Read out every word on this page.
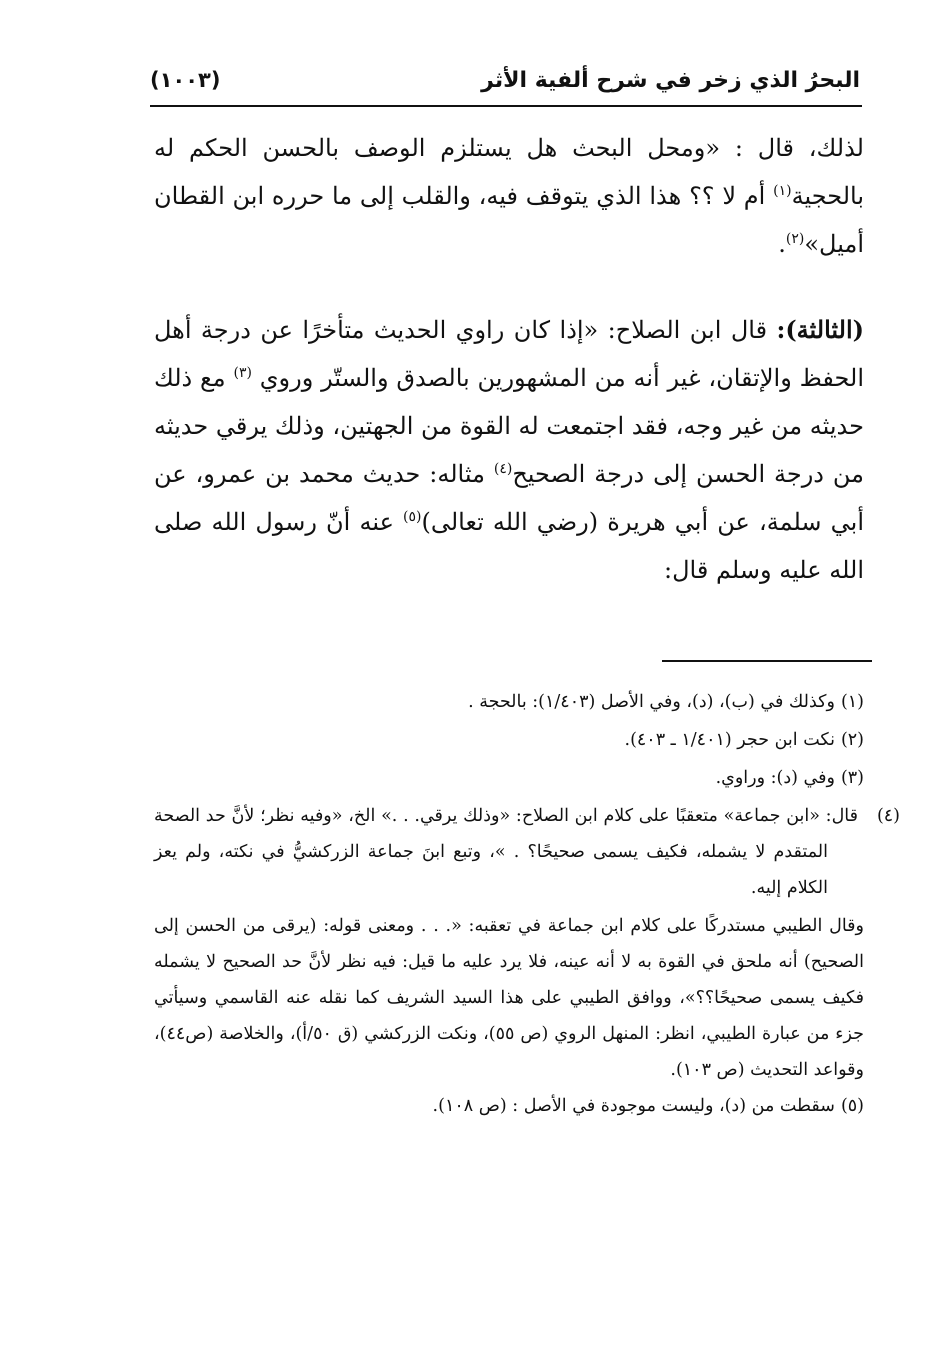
البحرُ الذي زخر في شرح ألفية الأثر
(١٠٠٣)

لذلك، قال : «ومحل البحث هل يستلزم الوصف بالحسن الحكم له بالحجية$^{(١)}$ أم لا ؟؟ هذا الذي يتوقف فيه، والقلب إلى ما حرره ابن القطان أميل»$^{(٢)}$.

(الثالثة): قال ابن الصلاح: «إذا كان راوي الحديث متأخرًا عن درجة أهل الحفظ والإتقان، غير أنه من المشهورين بالصدق والستّر وروي $^{(٣)}$ مع ذلك حديثه من غير وجه، فقد اجتمعت له القوة من الجهتين، وذلك يرقي حديثه من درجة الحسن إلى درجة الصحيح$^{(٤)}$ مثاله: حديث محمد بن عمرو، عن أبي سلمة، عن أبي هريرة (رضي الله تعالى)$^{(٥)}$ عنه أنّ رسول الله صلى الله عليه وسلم قال:

(١)وكذلك في (ب)، (د)، وفي الأصل (١/٤٠٣): بالحجة .

(٢)نكت ابن حجر (١/٤٠١ ـ ٤٠٣).

(٣)وفي (د): وراوي.

(٤)قال: «ابن جماعة» متعقبًا على كلام ابن الصلاح: «وذلك يرقي. . .» الخ، «وفيه نظر؛ لأنَّ حد الصحة المتقدم لا يشمله، فكيف يسمى صحيحًا؟ . »، وتبع ابنَ جماعة الزركشيُّ في نكته، ولم يعز الكلام إليه.

وقال الطيبي مستدركًا على كلام ابن جماعة في تعقبه: «. . . ومعنى قوله: (يرقى من الحسن إلى الصحيح) أنه ملحق في القوة به لا أنه عينه، فلا يرد عليه ما قيل: فيه نظر لأنَّ حد الصحيح لا يشمله فكيف يسمى صحيحًا؟؟»، ووافق الطيبي على هذا السيد الشريف كما نقله عنه القاسمي وسيأتي جزء من عبارة الطيبي، انظر: المنهل الروي (ص ٥٥)، ونكت الزركشي (ق ٥٠/أ)، والخلاصة (ص٤٤)، وقواعد التحديث (ص ١٠٣).

(٥)سقطت من (د)، وليست موجودة في الأصل : (ص ١٠٨).
